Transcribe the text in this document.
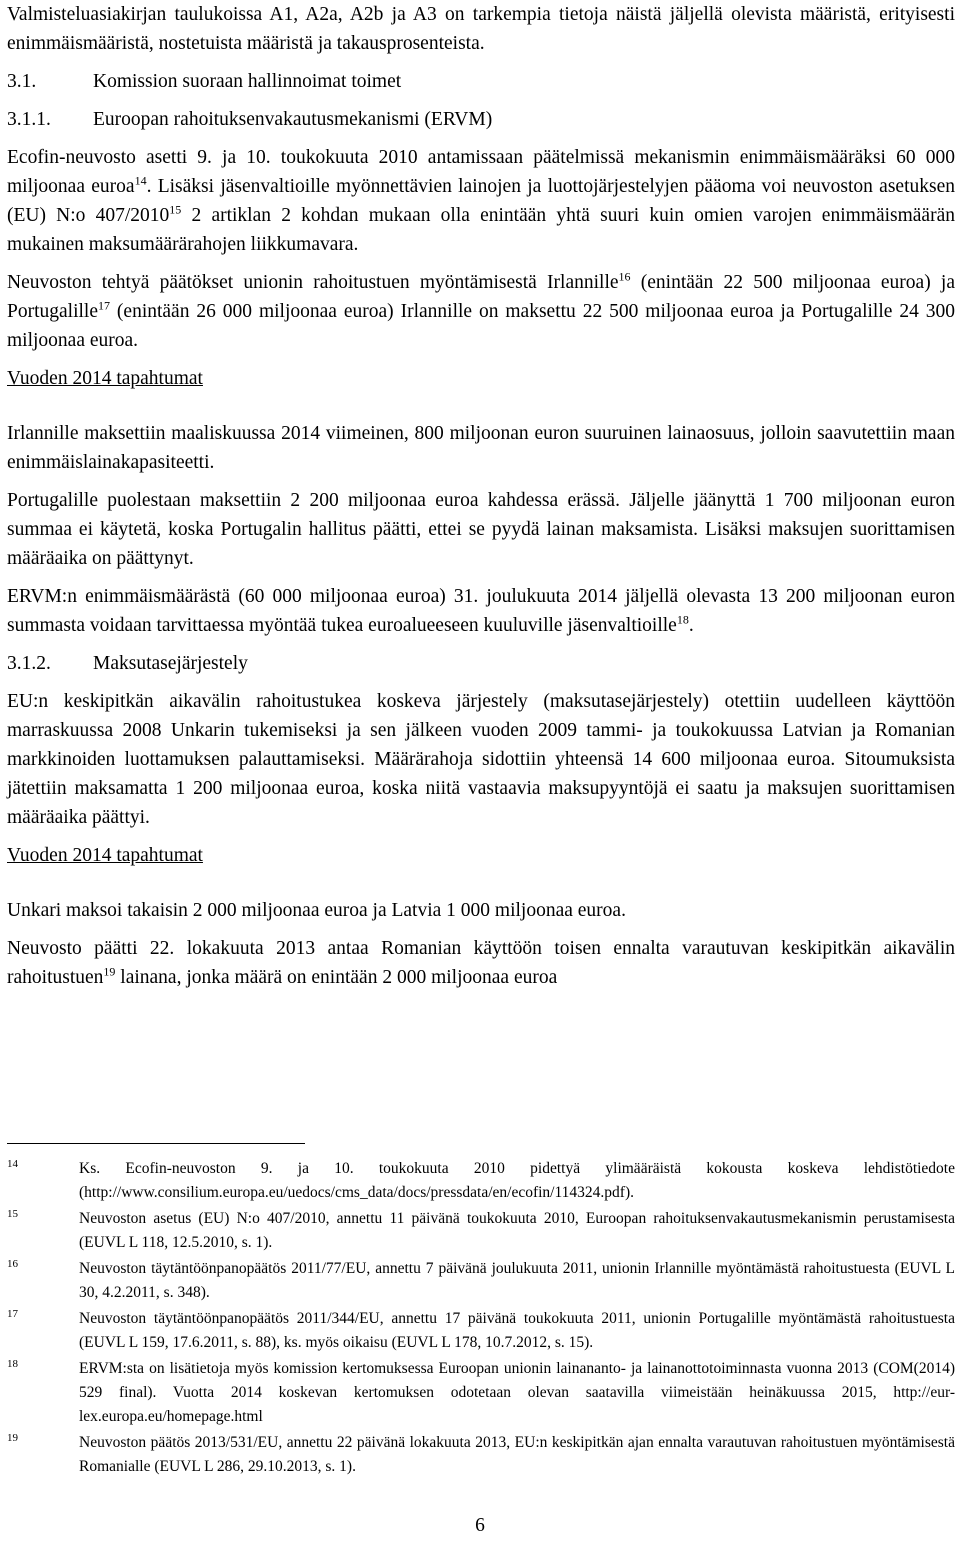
Valmisteluasiakirjan taulukoissa A1, A2a, A2b ja A3 on tarkempia tietoja näistä jäljellä olevista määristä, erityisesti enimmäismääristä, nostetuista määristä ja takausprosenteista.

3.1.	Komission suoraan hallinnoimat toimet
3.1.1.	Euroopan rahoituksenvakautusmekanismi (ERVM)

Ecofin-neuvosto asetti 9. ja 10. toukokuuta 2010 antamissaan päätelmissä mekanismin enimmäismääräksi 60 000 miljoonaa euroa$^{14}$. Lisäksi jäsenvaltioille myönnettävien lainojen ja luottojärjestelyjen pääoma voi neuvoston asetuksen (EU) N:o 407/2010$^{15}$ 2 artiklan 2 kohdan mukaan olla enintään yhtä suuri kuin omien varojen enimmäismäärän mukainen maksumäärärahojen liikkumavara.

Neuvoston tehtyä päätökset unionin rahoitustuen myöntämisestä Irlannille$^{16}$ (enintään 22 500 miljoonaa euroa) ja Portugalille$^{17}$ (enintään 26 000 miljoonaa euroa) Irlannille on maksettu 22 500 miljoonaa euroa ja Portugalille 24 300 miljoonaa euroa.

Vuoden 2014 tapahtumat

Irlannille maksettiin maaliskuussa 2014 viimeinen, 800 miljoonan euron suuruinen lainaosuus, jolloin saavutettiin maan enimmäislainakapasiteetti.

Portugalille puolestaan maksettiin 2 200 miljoonaa euroa kahdessa erässä. Jäljelle jäänyttä 1 700 miljoonan euron summaa ei käytetä, koska Portugalin hallitus päätti, ettei se pyydä lainan maksamista. Lisäksi maksujen suorittamisen määräaika on päättynyt.

ERVM:n enimmäismäärästä (60 000 miljoonaa euroa) 31. joulukuuta 2014 jäljellä olevasta 13 200 miljoonan euron summasta voidaan tarvittaessa myöntää tukea euroalueeseen kuuluville jäsenvaltioille$^{18}$.

3.1.2.	Maksutasejärjestely

EU:n keskipitkän aikavälin rahoitustukea koskeva järjestely (maksutasejärjestely) otettiin uudelleen käyttöön marraskuussa 2008 Unkarin tukemiseksi ja sen jälkeen vuoden 2009 tammi- ja toukokuussa Latvian ja Romanian markkinoiden luottamuksen palauttamiseksi. Määrärahoja sidottiin yhteensä 14 600 miljoonaa euroa. Sitoumuksista jätettiin maksamatta 1 200 miljoonaa euroa, koska niitä vastaavia maksupyyntöjä ei saatu ja maksujen suorittamisen määräaika päättyi.

Vuoden 2014 tapahtumat

Unkari maksoi takaisin 2 000 miljoonaa euroa ja Latvia 1 000 miljoonaa euroa.

Neuvosto päätti 22. lokakuuta 2013 antaa Romanian käyttöön toisen ennalta varautuvan keskipitkän aikavälin rahoitustuen$^{19}$ lainana, jonka määrä on enintään 2 000 miljoonaa euroa

14	Ks. Ecofin-neuvoston 9. ja 10. toukokuuta 2010 pidettyä ylimääräistä kokousta koskeva lehdistötiedote (http://www.consilium.europa.eu/uedocs/cms_data/docs/pressdata/en/ecofin/114324.pdf).
15	Neuvoston asetus (EU) N:o 407/2010, annettu 11 päivänä toukokuuta 2010, Euroopan rahoituksenvakautusmekanismin perustamisesta (EUVL L 118, 12.5.2010, s. 1).
16	Neuvoston täytäntöönpanopäätös 2011/77/EU, annettu 7 päivänä joulukuuta 2011, unionin Irlannille myöntämästä rahoitustuesta (EUVL L 30, 4.2.2011, s. 348).
17	Neuvoston täytäntöönpanopäätös 2011/344/EU, annettu 17 päivänä toukokuuta 2011, unionin Portugalille myöntämästä rahoitustuesta (EUVL L 159, 17.6.2011, s. 88), ks. myös oikaisu (EUVL L 178, 10.7.2012, s. 15).
18	ERVM:sta on lisätietoja myös komission kertomuksessa Euroopan unionin lainananto- ja lainanottotoiminnasta vuonna 2013 (COM(2014) 529 final). Vuotta 2014 koskevan kertomuksen odotetaan olevan saatavilla viimeistään heinäkuussa 2015, http://eur-lex.europa.eu/homepage.html
19	Neuvoston päätös 2013/531/EU, annettu 22 päivänä lokakuuta 2013, EU:n keskipitkän ajan ennalta varautuvan rahoitustuen myöntämisestä Romanialle (EUVL L 286, 29.10.2013, s. 1).
6
